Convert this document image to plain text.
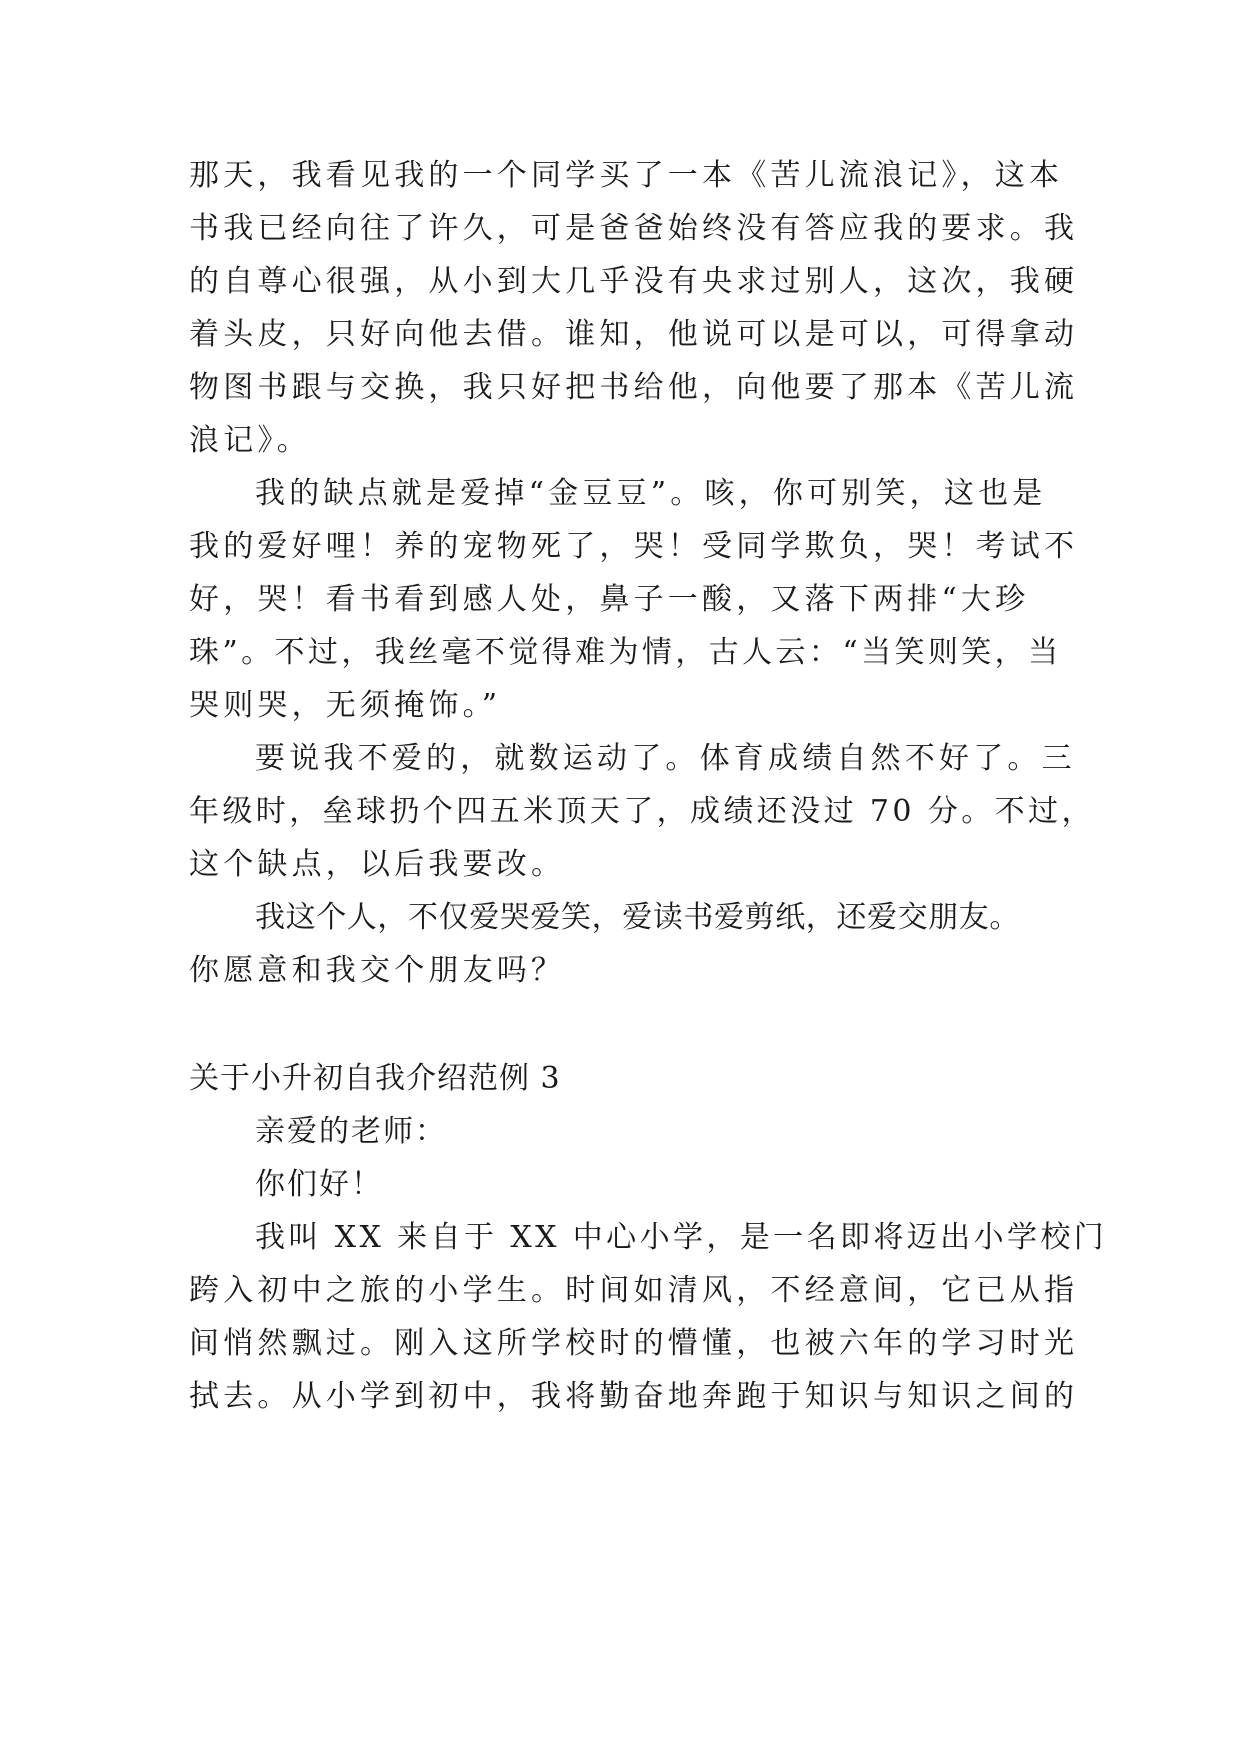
那天，我看见我的一个同学买了一本《苦儿流浪记》，这本
书我已经向往了许久，可是爸爸始终没有答应我的要求。我
的自尊心很强，从小到大几乎没有央求过别人，这次，我硬
着头皮，只好向他去借。谁知，他说可以是可以，可得拿动
物图书跟与交换，我只好把书给他，向他要了那本《苦儿流
浪记》。
我的缺点就是爱掉“金豆豆”。咳，你可别笑，这也是
我的爱好哩！养的宠物死了，哭！受同学欺负，哭！考试不
好，哭！看书看到感人处，鼻子一酸，又落下两排“大珍
珠”。不过，我丝毫不觉得难为情，古人云：“当笑则笑，当
哭则哭，无须掩饰。”
要说我不爱的，就数运动了。体育成绩自然不好了。三
年级时，垒球扔个四五米顶天了，成绩还没过 70 分。不过，
这个缺点，以后我要改。
我这个人，不仅爱哭爱笑，爱读书爱剪纸，还爱交朋友。
你愿意和我交个朋友吗？
关于小升初自我介绍范例 3
亲爱的老师：
你们好！
我叫 XX 来自于 XX 中心小学，是一名即将迈出小学校门
跨入初中之旅的小学生。时间如清风，不经意间，它已从指
间悄然飘过。刚入这所学校时的懵懂，也被六年的学习时光
拭去。从小学到初中，我将勤奋地奔跑于知识与知识之间的
